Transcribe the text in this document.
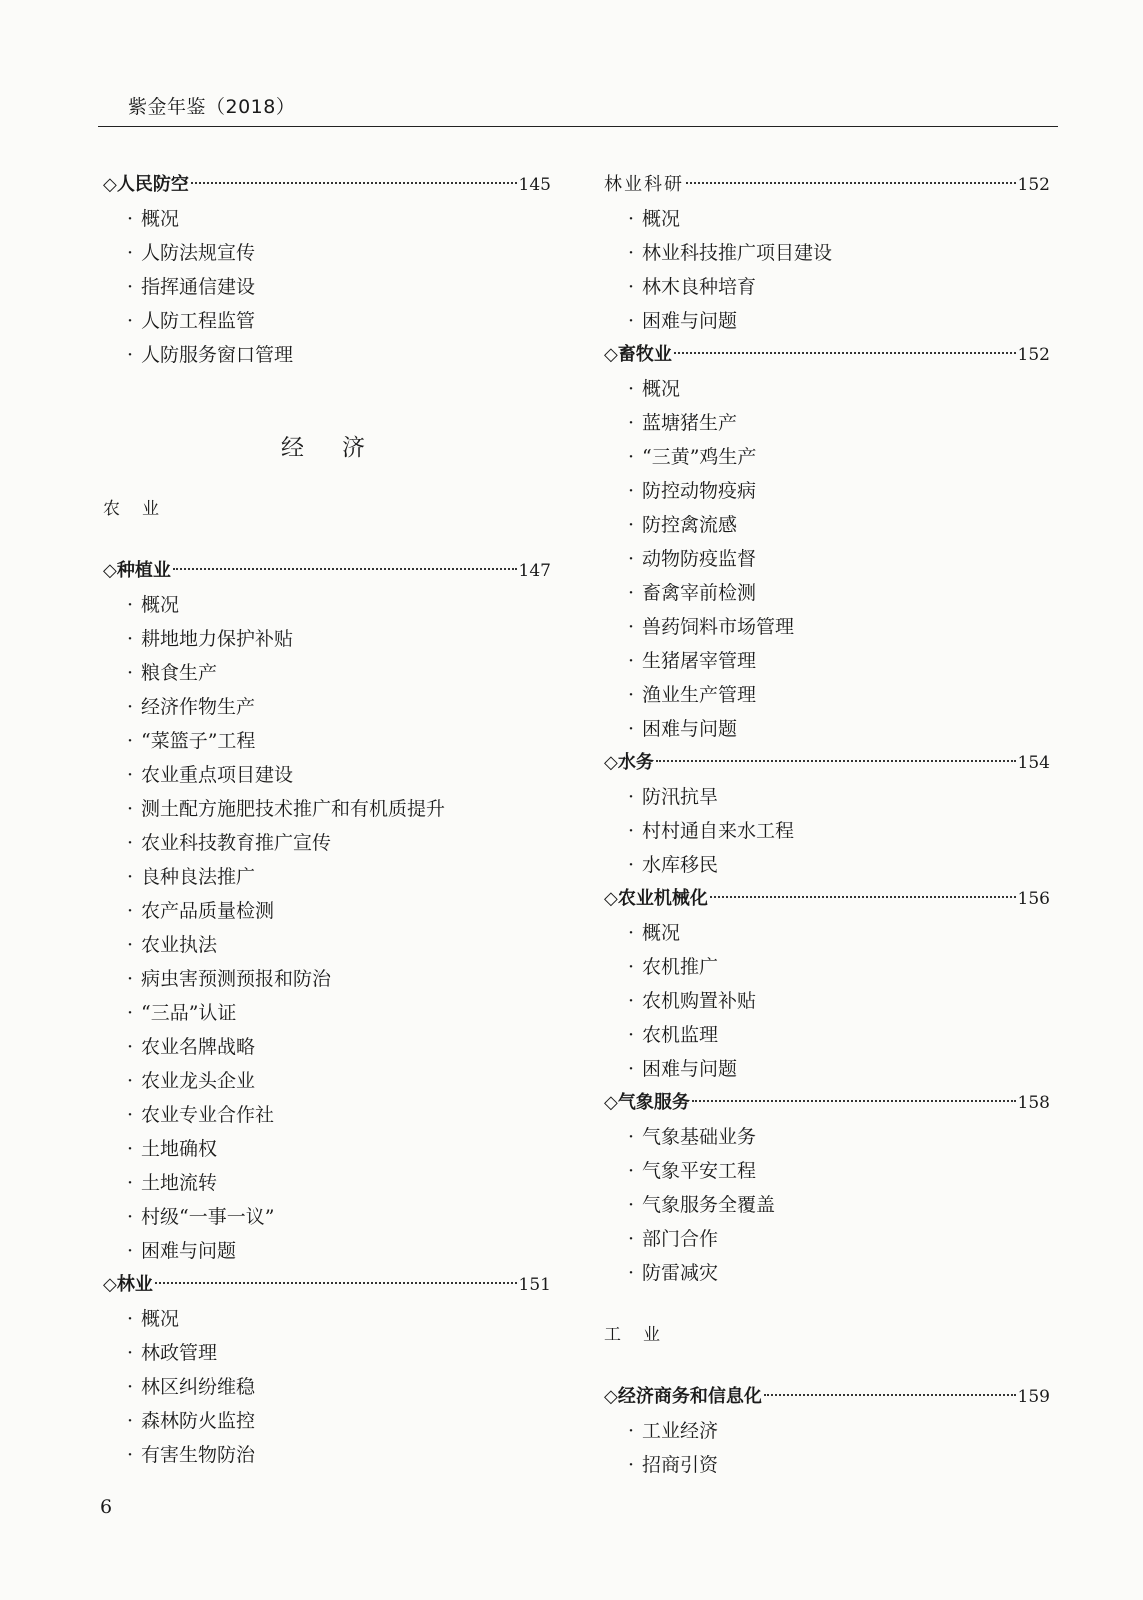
紫金年鉴（2018）
◇人民防空	145
· 概况
· 人防法规宣传
· 指挥通信建设
· 人防工程监管
· 人防服务窗口管理
经济
农业
◇种植业	147
· 概况
· 耕地地力保护补贴
· 粮食生产
· 经济作物生产
· “菜篮子”工程
· 农业重点项目建设
· 测土配方施肥技术推广和有机质提升
· 农业科技教育推广宣传
· 良种良法推广
· 农产品质量检测
· 农业执法
· 病虫害预测预报和防治
· “三品”认证
· 农业名牌战略
· 农业龙头企业
· 农业专业合作社
· 土地确权
· 土地流转
· 村级“一事一议”
· 困难与问题
◇林业	151
· 概况
· 林政管理
· 林区纠纷维稳
· 森林防火监控
· 有害生物防治
林业科研	152
· 概况
· 林业科技推广项目建设
· 林木良种培育
· 困难与问题
◇畜牧业	152
· 概况
· 蓝塘猪生产
· “三黄”鸡生产
· 防控动物疫病
· 防控禽流感
· 动物防疫监督
· 畜禽宰前检测
· 兽药饲料市场管理
· 生猪屠宰管理
· 渔业生产管理
· 困难与问题
◇水务	154
· 防汛抗旱
· 村村通自来水工程
· 水库移民
◇农业机械化	156
· 概况
· 农机推广
· 农机购置补贴
· 农机监理
· 困难与问题
◇气象服务	158
· 气象基础业务
· 气象平安工程
· 气象服务全覆盖
· 部门合作
· 防雷减灾
工业
◇经济商务和信息化	159
· 工业经济
· 招商引资
6
